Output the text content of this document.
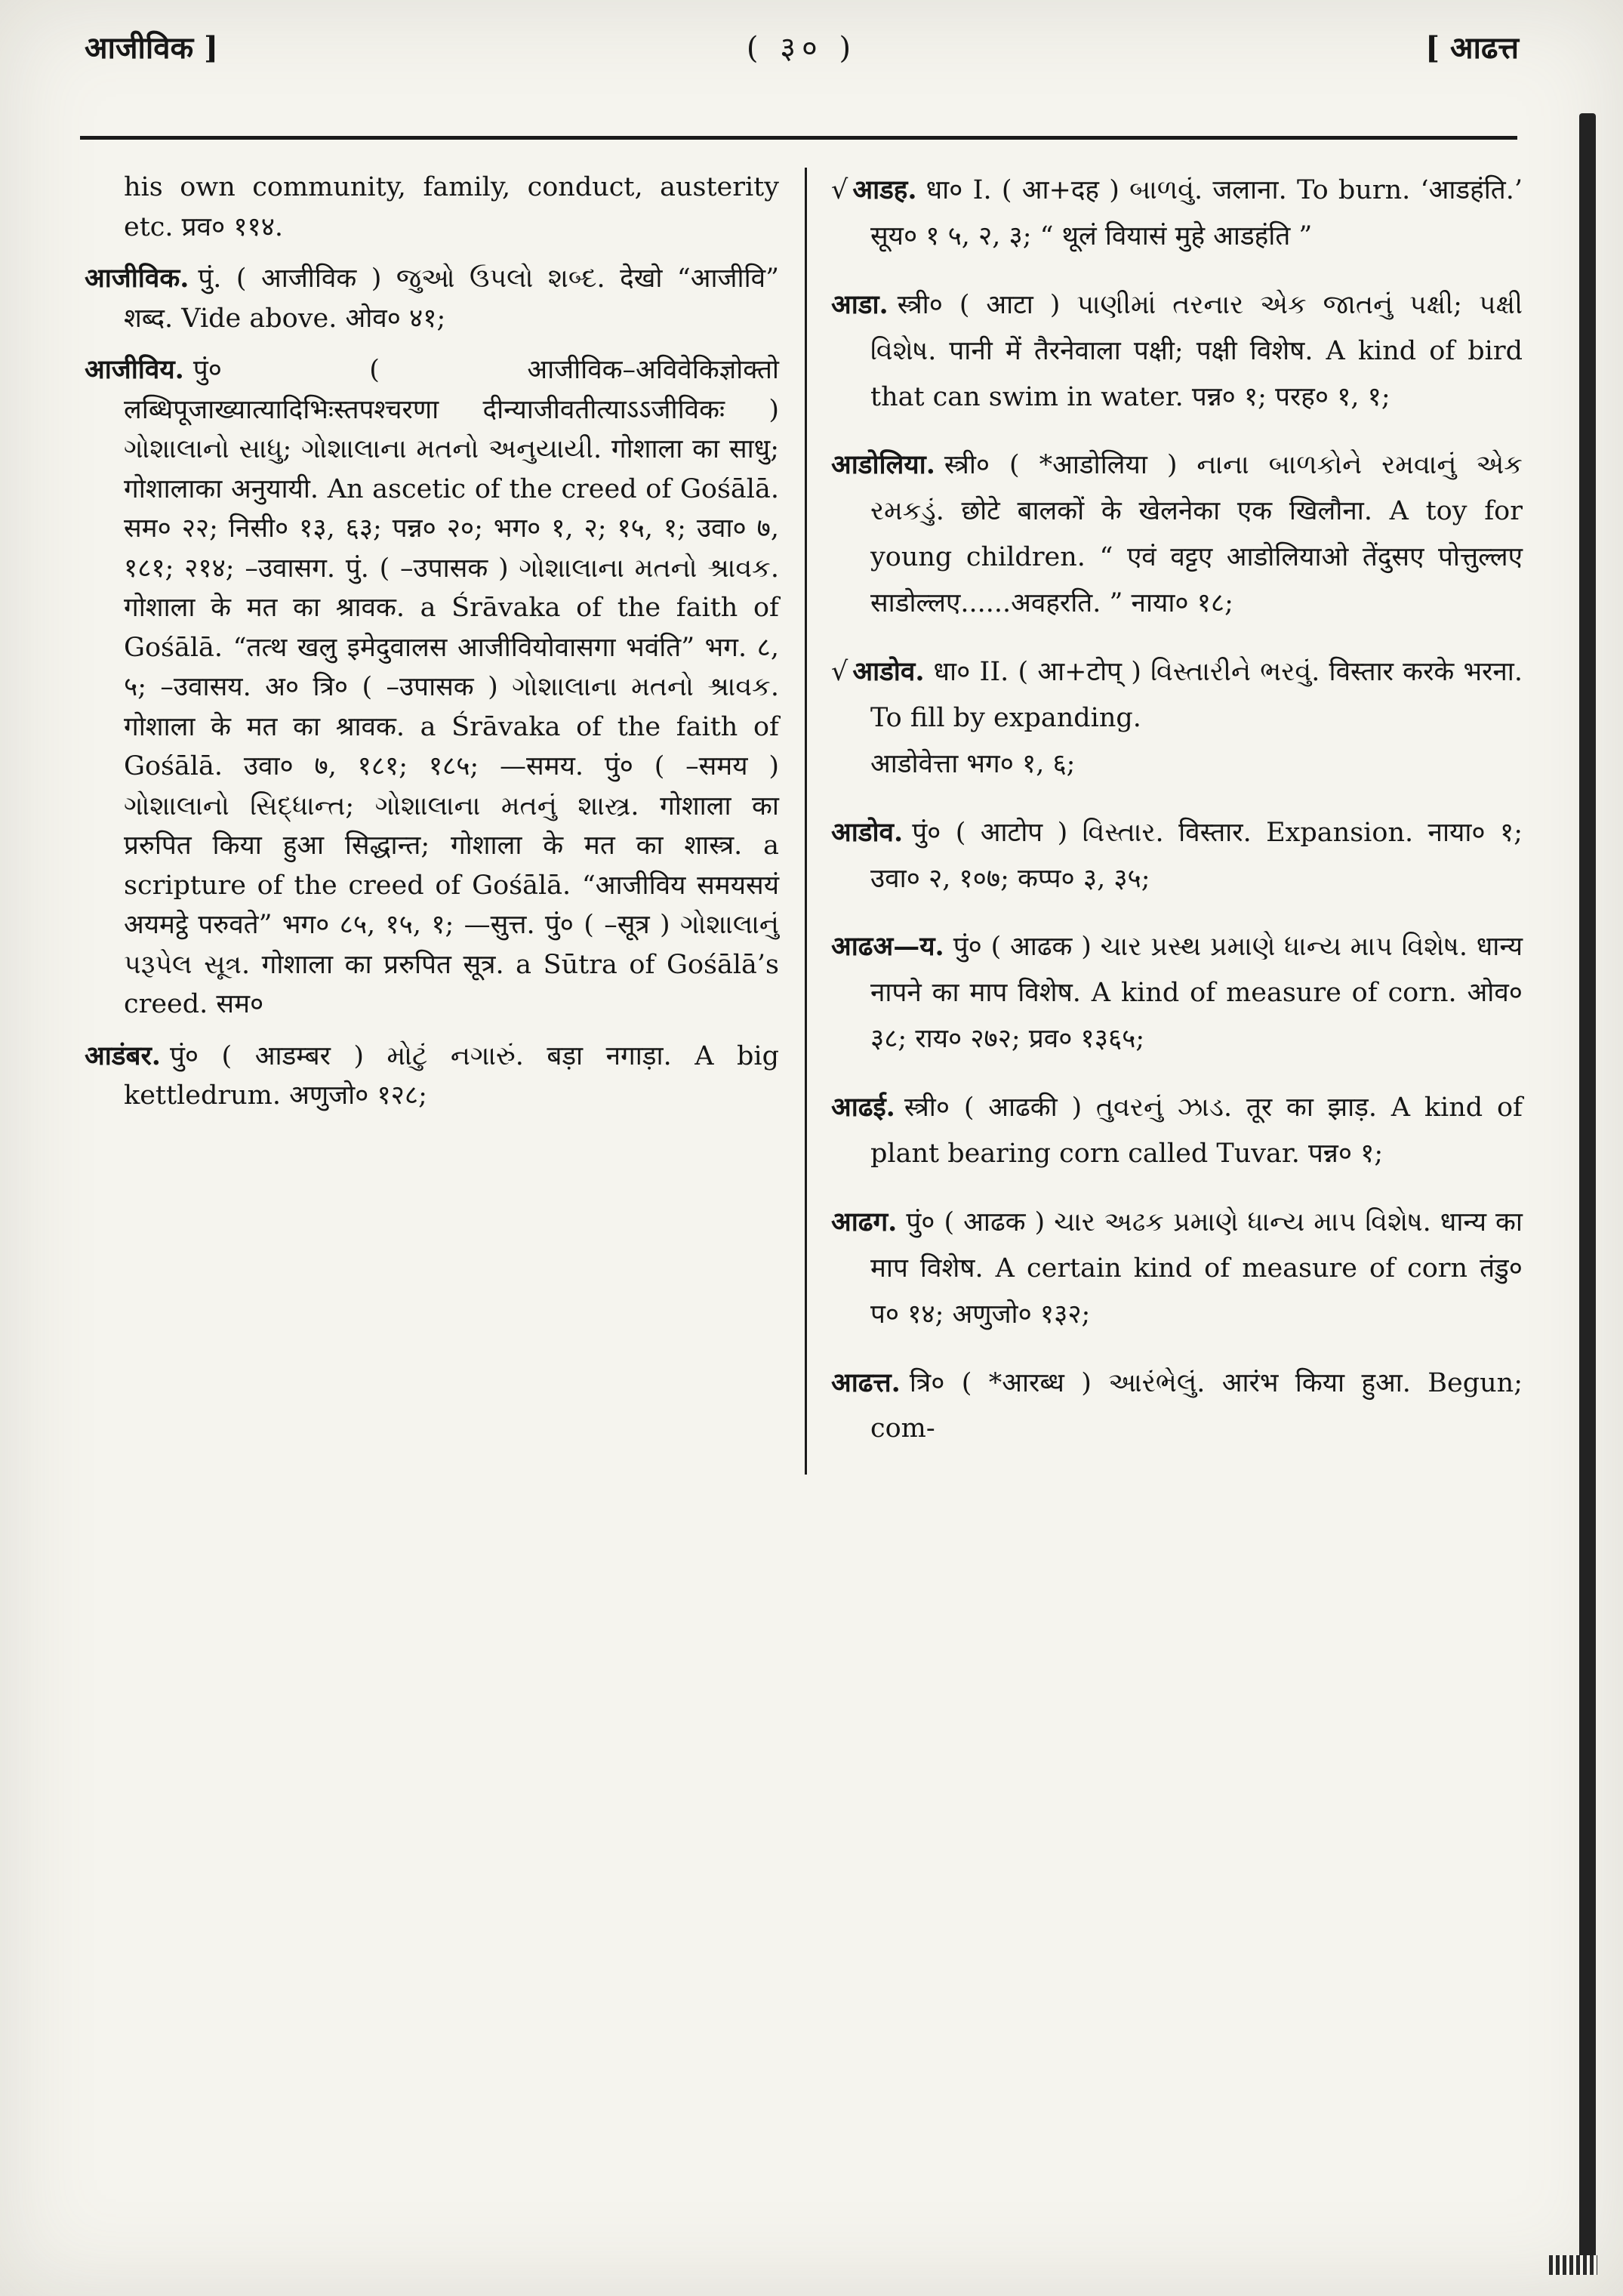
आजीविक ]	( ३० )	[ आढत्त

his own community, family, conduct, austerity etc. प्रव० ११४.

आजीविक. पुं. ( आजीविक ) જુઓ ઉપલો શબ્દ. देखो “आजीवि” शब्द. Vide above. ओव० ४१;

आजीविय. पुं० ( आजीविक–अविवेकिज्ञोक्तो लब्धिपूजाख्यात्यादिभिःस्तपश्चरणा दीन्याजीवतीत्याऽऽजीविकः ) ગોશાલાનો સાધુ; ગોશાલાના મતનો અનુયાયી. गोशाला का साधु; गोशालाका अनुयायी. An ascetic of the creed of Gośālā. सम० २२; निसी० १३, ६३; पन्न० २०; भग० १, २; १५, १; उवा० ७, १८१; २१४; –उवासग. पुं. ( –उपासक ) ગોશાલાના મતનો શ્રાવક. गोशाला के मत का श्रावक. a Śrāvaka of the faith of Gośālā. “तत्थ खलु इमेदुवालस आजीवियोवासगा भवंति” भग. ८, ५; –उवासय. अ० त्रि० ( –उपासक ) ગોશાલાના મતનો શ્રાવક. गोशाला के मत का श्रावक. a Śrāvaka of the faith of Gośālā. उवा० ७, १८१; १८५; —समय. पुं० ( –समय ) ગોશાલાનો સિદ્ધાન્ત; ગોશાલાના મતનું શાસ્ત્ર. गोशाला का प्ररुपित किया हुआ सिद्धान्त; गोशाला के मत का शास्त्र. a scripture of the creed of Gośālā. “आजीविय समयसयं अयमट्ठे परुवते” भग० ८५, १५, १; —सुत्त. पुं० ( –सूत्र ) ગોશાલાનું પરૂપેલ સૂત્ર. गोशाला का प्ररुपित सूत्र. a Sūtra of Gośālā’s creed. सम०

आडंबर. पुं० ( आडम्बर ) મોટું નગારું. बड़ा नगाड़ा. A big kettledrum. अणुजो० १२८;

√ आडह. धा० I. ( आ+दह ) બાળવું. जलाना. To burn. ‘आडहंति.’ सूय० १ ५, २, ३; “ थूलं वियासं मुहे आडहंति ”

आडा. स्त्री० ( आटा ) પાણીમાં તરનાર એક જાતનું પક્ષી; પક્ષી વિશેષ. पानी में तैरनेवाला पक्षी; पक्षी विशेष. A kind of bird that can swim in water. पन्न० १; परह० १, १;

आडोलिया. स्त्री० ( *आडोलिया ) નાના બાળકોને રમવાનું એક રમકડું. छोटे बालकों के खेलनेका एक खिलौना. A toy for young children. “ एवं वट्टए आडोलियाओ तेंदुसए पोत्तुल्लए साडोल्लए......अवहरति. ” नाया० १८;

√ आडोव. धा० II. ( आ+टोप् ) વિસ્તારીને ભરવું. विस्तार करके भरना. To fill by expanding.

आडोवेत्ता भग० १, ६;

आडोव. पुं० ( आटोप ) વિસ્તાર. विस्तार. Expansion. नाया० १; उवा० २, १०७; कप्प० ३, ३५;

आढअ—य. पुं० ( आढक ) ચાર પ્રસ્થ પ્રમાણે ધાન્ય માપ વિશેષ. धान्य नापने का माप विशेष. A kind of measure of corn. ओव० ३८; राय० २७२; प्रव० १३६५;

आढई. स्त्री० ( आढकी ) તુવરનું ઝાડ. तूर का झाड़. A kind of plant bearing corn called Tuvar. पन्न० १;

आढग. पुं० ( आढक ) ચાર અઢક પ્રમાણે ધાન્ય માપ વિશેષ. धान्य का माप विशेष. A certain kind of measure of corn तंडु० प० १४; अणुजो० १३२;

आढत्त. त्रि० ( *आरब्ध ) આરંભેલું. आरंभ किया हुआ. Begun; com-
